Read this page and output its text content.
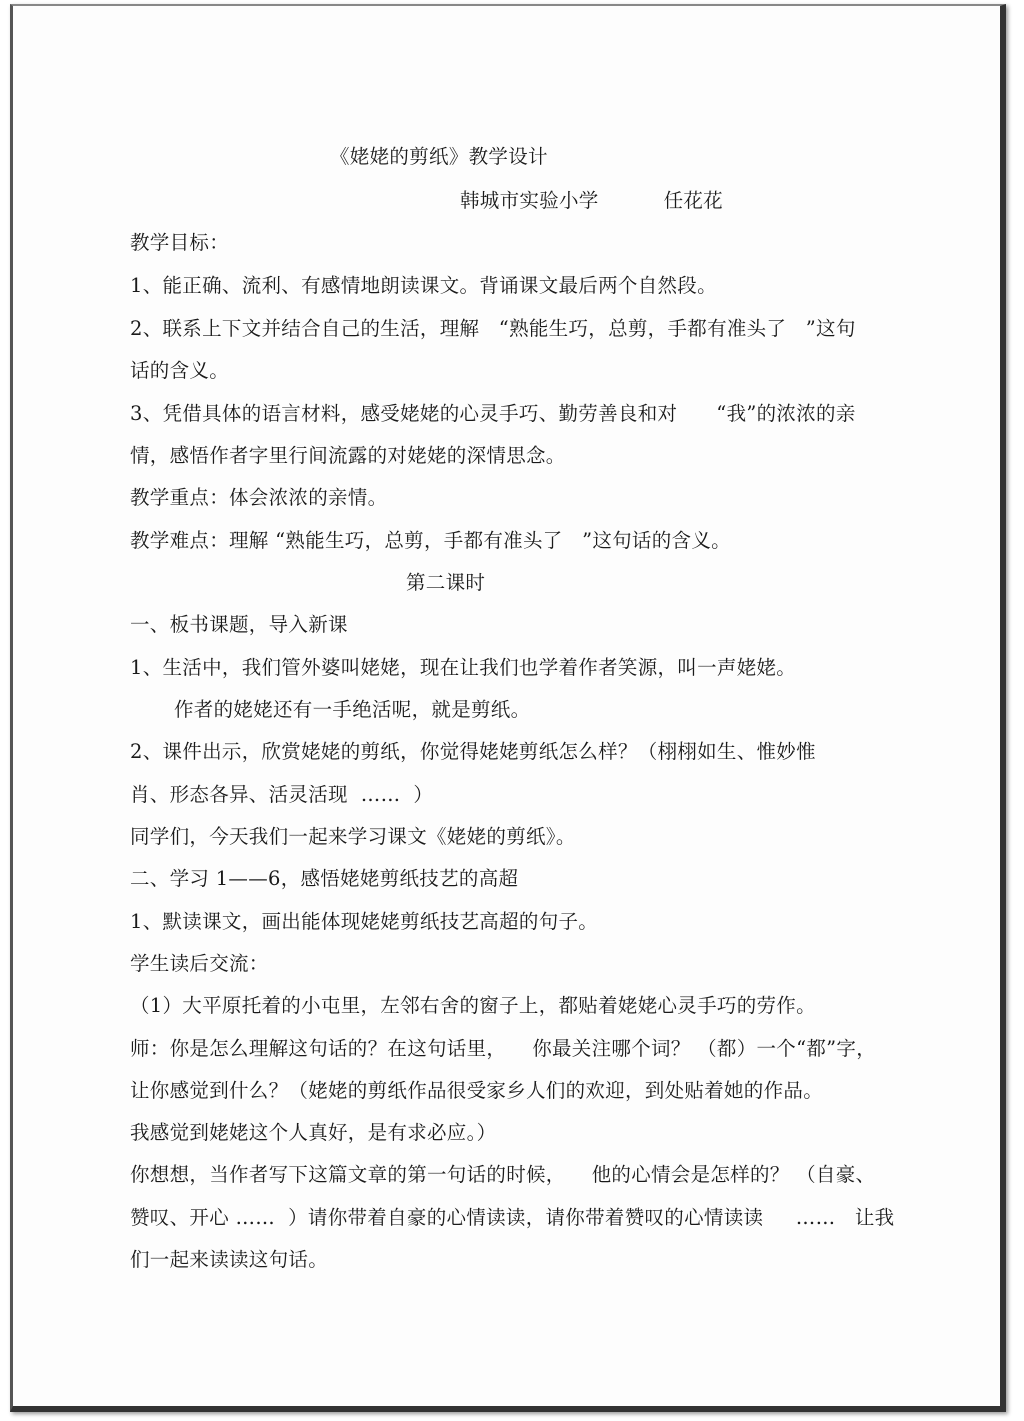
《姥姥的剪纸》教学设计
韩城市实验小学          任花花
教学目标：
1、能正确、流利、有感情地朗读课文。背诵课文最后两个自然段。
2、联系上下文并结合自己的生活，理解   “熟能生巧，总剪，手都有准头了   ”这句
话的含义。
3、凭借具体的语言材料，感受姥姥的心灵手巧、勤劳善良和对      “我”的浓浓的亲
情，感悟作者字里行间流露的对姥姥的深情思念。
教学重点：体会浓浓的亲情。
教学难点：理解 “熟能生巧，总剪，手都有准头了   ”这句话的含义。
第二课时
一、板书课题，导入新课
1、生活中，我们管外婆叫姥姥，现在让我们也学着作者笑源，叫一声姥姥。
作者的姥姥还有一手绝活呢，就是剪纸。
2、课件出示，欣赏姥姥的剪纸，你觉得姥姥剪纸怎么样？（栩栩如生、惟妙惟
肖、形态各异、活灵活现  ……  ）
同学们，今天我们一起来学习课文《姥姥的剪纸》。
二、学习 1——6，感悟姥姥剪纸技艺的高超
1、默读课文，画出能体现姥姥剪纸技艺高超的句子。
学生读后交流：
（1）大平原托着的小屯里，左邻右舍的窗子上，都贴着姥姥心灵手巧的劳作。
师：你是怎么理解这句话的？在这句话里，    你最关注哪个词？ （都）一个“都”字，
让你感觉到什么？（姥姥的剪纸作品很受家乡人们的欢迎，到处贴着她的作品。
我感觉到姥姥这个人真好，是有求必应。）
你想想，当作者写下这篇文章的第一句话的时候，    他的心情会是怎样的？ （自豪、
赞叹、开心 ……  ）请你带着自豪的心情读读，请你带着赞叹的心情读读     ……   让我
们一起来读读这句话。
